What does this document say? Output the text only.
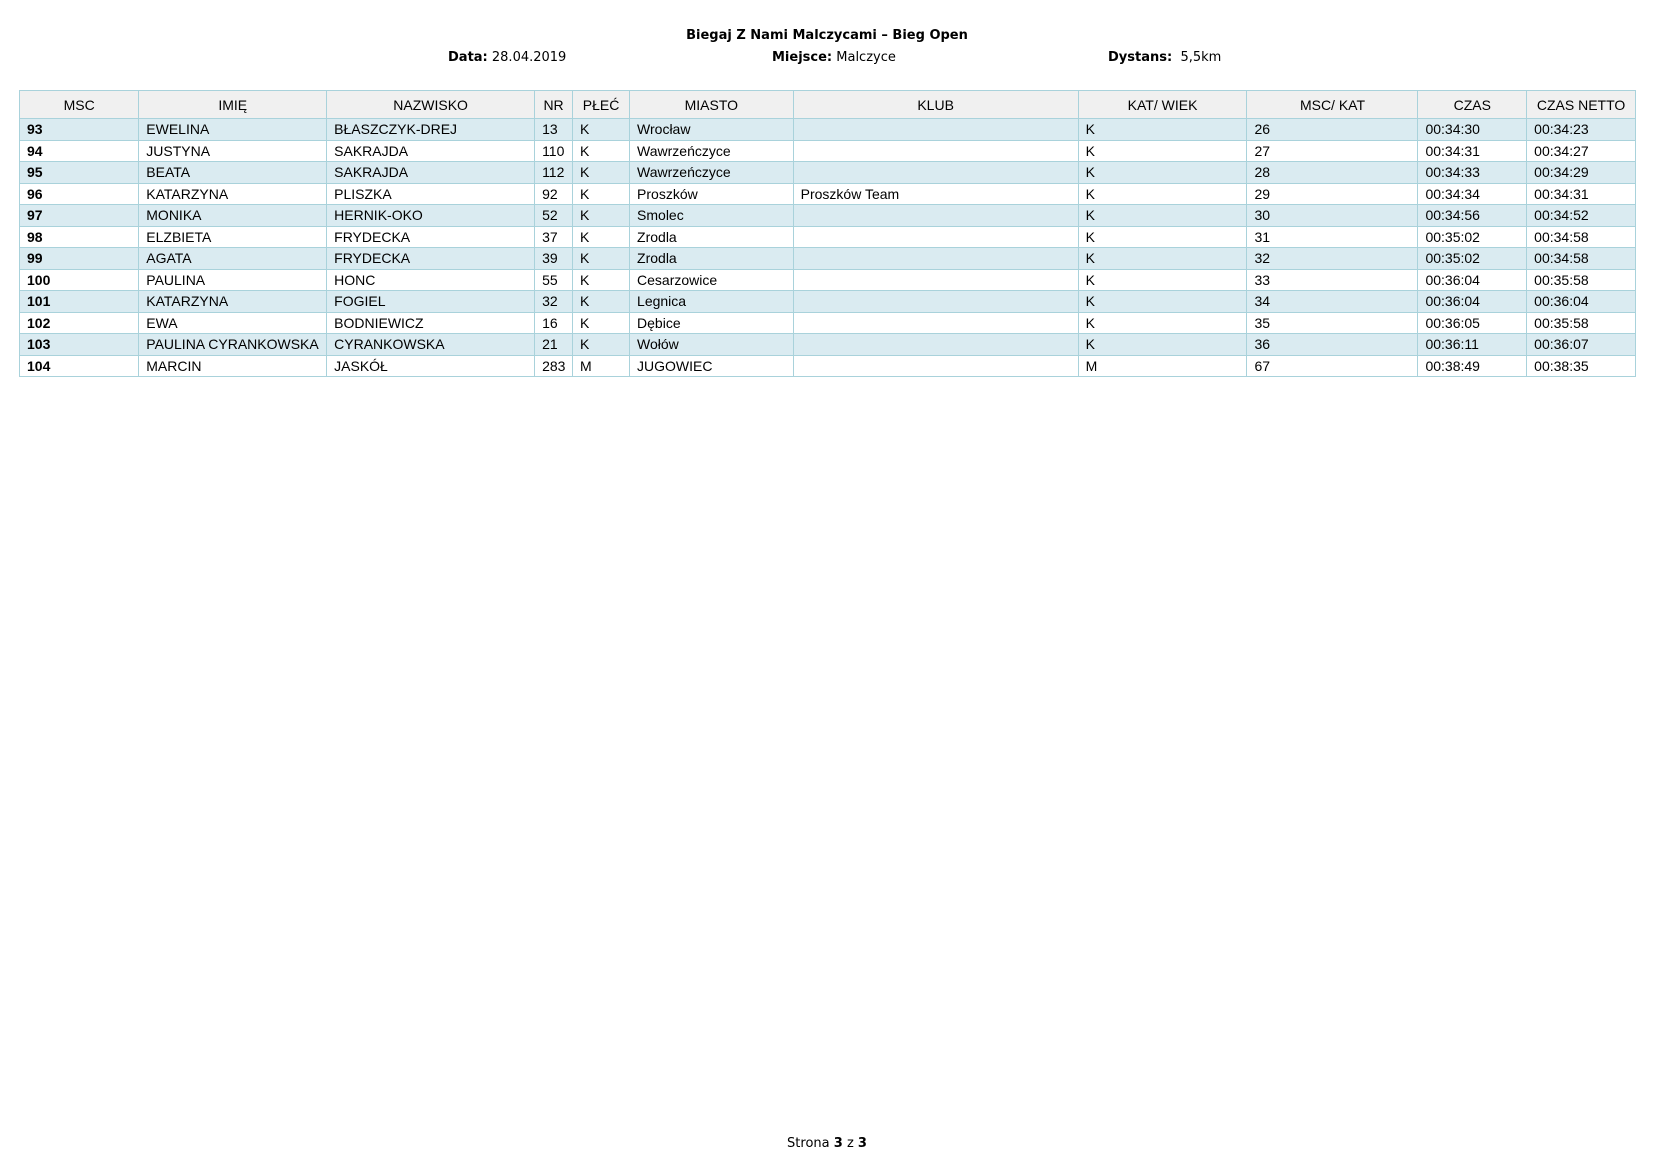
Biegaj Z Nami Malczycami – Bieg Open
Data: 28.04.2019	Miejsce: Malczyce	Dystans: 5,5km
MSC	IMIĘ	NAZWISKO	NR	PŁEĆ	MIASTO	KLUB	KAT/ WIEK	MSC/ KAT	CZAS	CZAS NETTO
93	EWELINA	BŁASZCZYK-DREJ	13	K	Wrocław		K	26	00:34:30	00:34:23
94	JUSTYNA	SAKRAJDA	110	K	Wawrzeńczyce		K	27	00:34:31	00:34:27
95	BEATA	SAKRAJDA	112	K	Wawrzeńczyce		K	28	00:34:33	00:34:29
96	KATARZYNA	PLISZKA	92	K	Proszków	Proszków Team	K	29	00:34:34	00:34:31
97	MONIKA	HERNIK-OKO	52	K	Smolec		K	30	00:34:56	00:34:52
98	ELZBIETA	FRYDECKA	37	K	Zrodla		K	31	00:35:02	00:34:58
99	AGATA	FRYDECKA	39	K	Zrodla		K	32	00:35:02	00:34:58
100	PAULINA	HONC	55	K	Cesarzowice		K	33	00:36:04	00:35:58
101	KATARZYNA	FOGIEL	32	K	Legnica		K	34	00:36:04	00:36:04
102	EWA	BODNIEWICZ	16	K	Dębice		K	35	00:36:05	00:35:58
103	PAULINA CYRANKOWSKA	CYRANKOWSKA	21	K	Wołów		K	36	00:36:11	00:36:07
104	MARCIN	JASKÓŁ	283	M	JUGOWIEC		M	67	00:38:49	00:38:35
Strona 3 z 3
